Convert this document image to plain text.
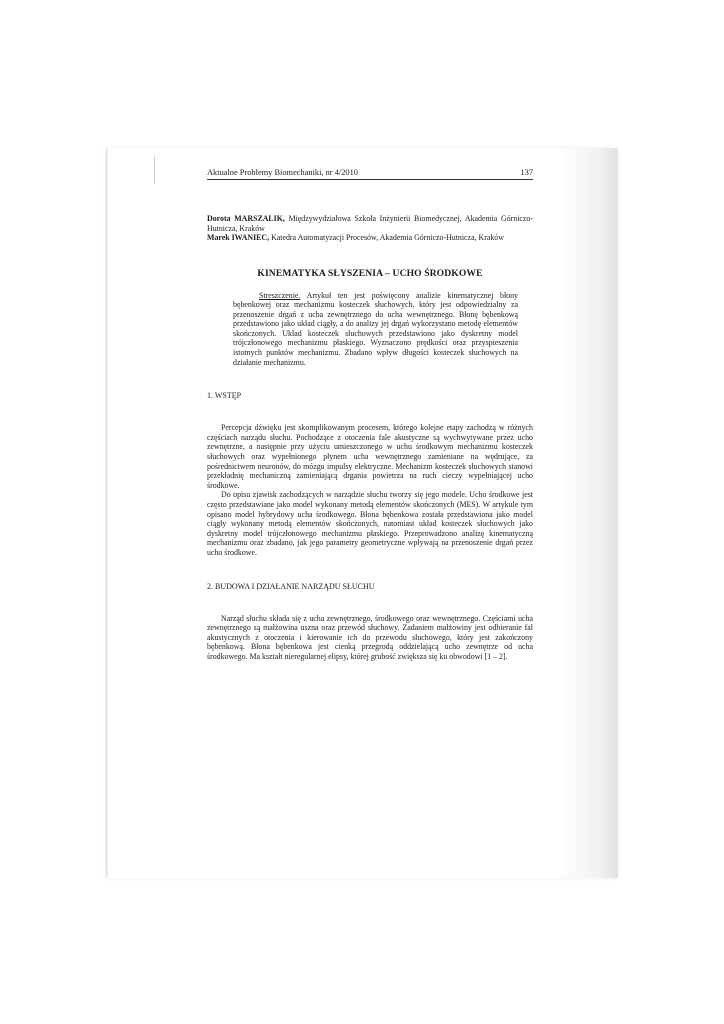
Aktualne Problemy Biomechaniki, nr 4/2010	137

Dorota MARSZALIK, Międzywydziałowa Szkoła Inżynierii Biomedycznej, Akademia Górniczo-Hutnicza, Kraków

Marek IWANIEC, Katedra Automatyzacji Procesów, Akademia Górniczo-Hutnicza, Kraków

KINEMATYKA SŁYSZENIA – UCHO ŚRODKOWE

Streszczenie. Artykuł ten jest poświęcony analizie kinematycznej błony bębenkowej oraz mechanizmu kosteczek słuchowych, który jest odpowiedzialny za przenoszenie drgań z ucha zewnętrznego do ucha wewnętrznego. Błonę bębenkową przedstawiono jako układ ciągły, a do analizy jej drgań wykorzystano metodę elementów skończonych. Układ kosteczek słuchowych przedstawiono jako dyskretny model trójczłonowego mechanizmu płaskiego. Wyznaczono prędkości oraz przyspieszenia istotnych punktów mechanizmu. Zbadano wpływ długości kosteczek słuchowych na działanie mechanizmu.

1. WSTĘP

Percepcja dźwięku jest skomplikowanym procesem, którego kolejne etapy zachodzą w różnych częściach narządu słuchu. Pochodzące z otoczenia fale akustyczne są wychwytywane przez ucho zewnętrzne, a następnie przy użyciu umieszczonego w uchu środkowym mechanizmu kosteczek słuchowych oraz wypełnionego płynem ucha wewnętrznego zamieniane na wędrujące, za pośrednictwem neuronów, do mózgu impulsy elektryczne. Mechanizm kosteczek słuchowych stanowi przekładnię mechaniczną zamieniającą drgania powietrza na ruch cieczy wypełniającej ucho środkowe.

Do opisu zjawisk zachodzących w narządzie słuchu tworzy się jego modele. Ucho środkowe jest często przedstawiane jako model wykonany metodą elementów skończonych (MES). W artykule tym opisano model hybrydowy ucha środkowego. Błona bębenkowa została przedstawiona jako model ciągły wykonany metodą elementów skończonych, natomiast układ kosteczek słuchowych jako dyskretny model trójczłonowego mechanizmu płaskiego. Przeprowadzono analizę kinematyczną mechanizmu oraz zbadano, jak jego parametry geometryczne wpływają na przenoszenie drgań przez ucho środkowe.

2. BUDOWA I DZIAŁANIE NARZĄDU SŁUCHU

Narząd słuchu składa się z ucha zewnętrznego, środkowego oraz wewnętrznego. Częściami ucha zewnętrznego są małżowina uszna oraz przewód słuchowy. Zadaniem małżowiny jest odbieranie fal akustycznych z otoczenia i kierowanie ich do przewodu słuchowego, który jest zakończony bębenkową. Błona bębenkowa jest cienką przegrodą oddzielającą ucho zewnętrze od ucha środkowego. Ma kształt nieregularnej elipsy, której grubość zwiększa się ku obwodowi [1 – 2].
